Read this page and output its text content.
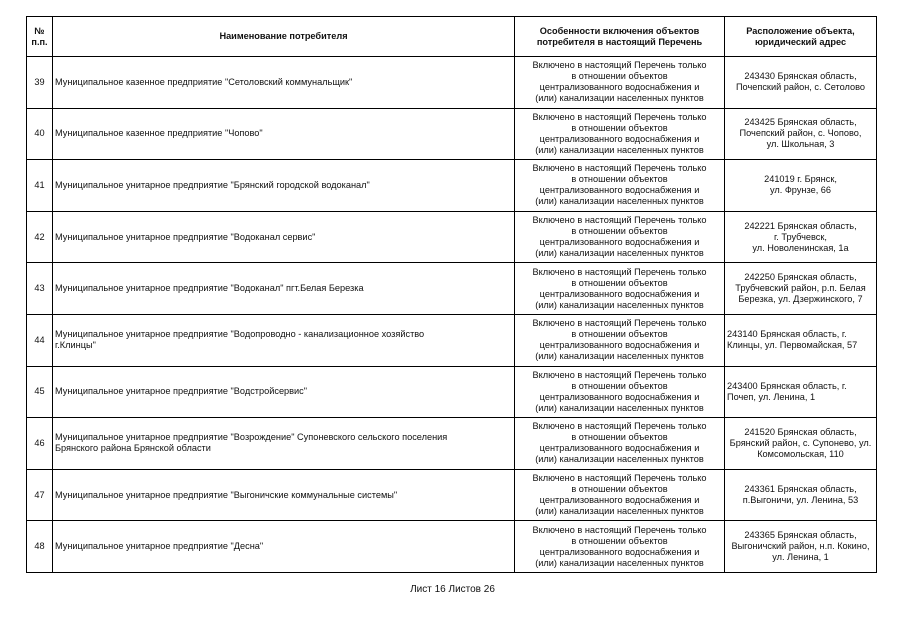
№
п.п.	Наименование потребителя	Особенности включения объектов
потребителя в настоящий Перечень	Расположение объекта,
юридический адрес

39	Муниципальное казенное предприятие "Сетоловский коммунальщик"	Включено в настоящий Перечень только
в отношении объектов
централизованного водоснабжения и
(или) канализации населенных пунктов	243430 Брянская область,
Почепский район, с. Сетолово

40	Муниципальное казенное предприятие "Чопово"	Включено в настоящий Перечень только
в отношении объектов
централизованного водоснабжения и
(или) канализации населенных пунктов	243425 Брянская область,
Почепский район, с. Чопово,
ул. Школьная, 3

41	Муниципальное унитарное предприятие "Брянский городской водоканал"	Включено в настоящий Перечень только
в отношении объектов
централизованного водоснабжения и
(или) канализации населенных пунктов	241019 г. Брянск,
ул. Фрунзе, 66

42	Муниципальное унитарное предприятие "Водоканал сервис"	Включено в настоящий Перечень только
в отношении объектов
централизованного водоснабжения и
(или) канализации населенных пунктов	242221 Брянская область,
г. Трубчевск,
ул. Новоленинская, 1а

43	Муниципальное унитарное предприятие "Водоканал" пгт.Белая Березка	Включено в настоящий Перечень только
в отношении объектов
централизованного водоснабжения и
(или) канализации населенных пунктов	242250 Брянская область,
Трубчевский район, р.п. Белая
Березка, ул. Дзержинского, 7

44	Муниципальное унитарное предприятие "Водопроводно - канализационное хозяйство
г.Клинцы"	Включено в настоящий Перечень только
в отношении объектов
централизованного водоснабжения и
(или) канализации населенных пунктов	243140 Брянская область, г.
Клинцы, ул. Первомайская, 57

45	Муниципальное унитарное предприятие "Водстройсервис"	Включено в настоящий Перечень только
в отношении объектов
централизованного водоснабжения и
(или) канализации населенных пунктов	243400 Брянская область, г.
Почеп, ул. Ленина, 1

46	Муниципальное унитарное предприятие "Возрождение" Супоневского сельского поселения
Брянского района Брянской области	Включено в настоящий Перечень только
в отношении объектов
централизованного водоснабжения и
(или) канализации населенных пунктов	241520 Брянская область,
Брянский район, с. Супонево, ул.
Комсомольская, 110

47	Муниципальное унитарное предприятие "Выгоничские коммунальные системы"	Включено в настоящий Перечень только
в отношении объектов
централизованного водоснабжения и
(или) канализации населенных пунктов	243361 Брянская область,
п.Выгоничи, ул. Ленина, 53

48	Муниципальное унитарное предприятие "Десна"	Включено в настоящий Перечень только
в отношении объектов
централизованного водоснабжения и
(или) канализации населенных пунктов	243365 Брянская область,
Выгоничский район, н.п. Кокино,
ул. Ленина, 1
Лист 16 Листов 26
